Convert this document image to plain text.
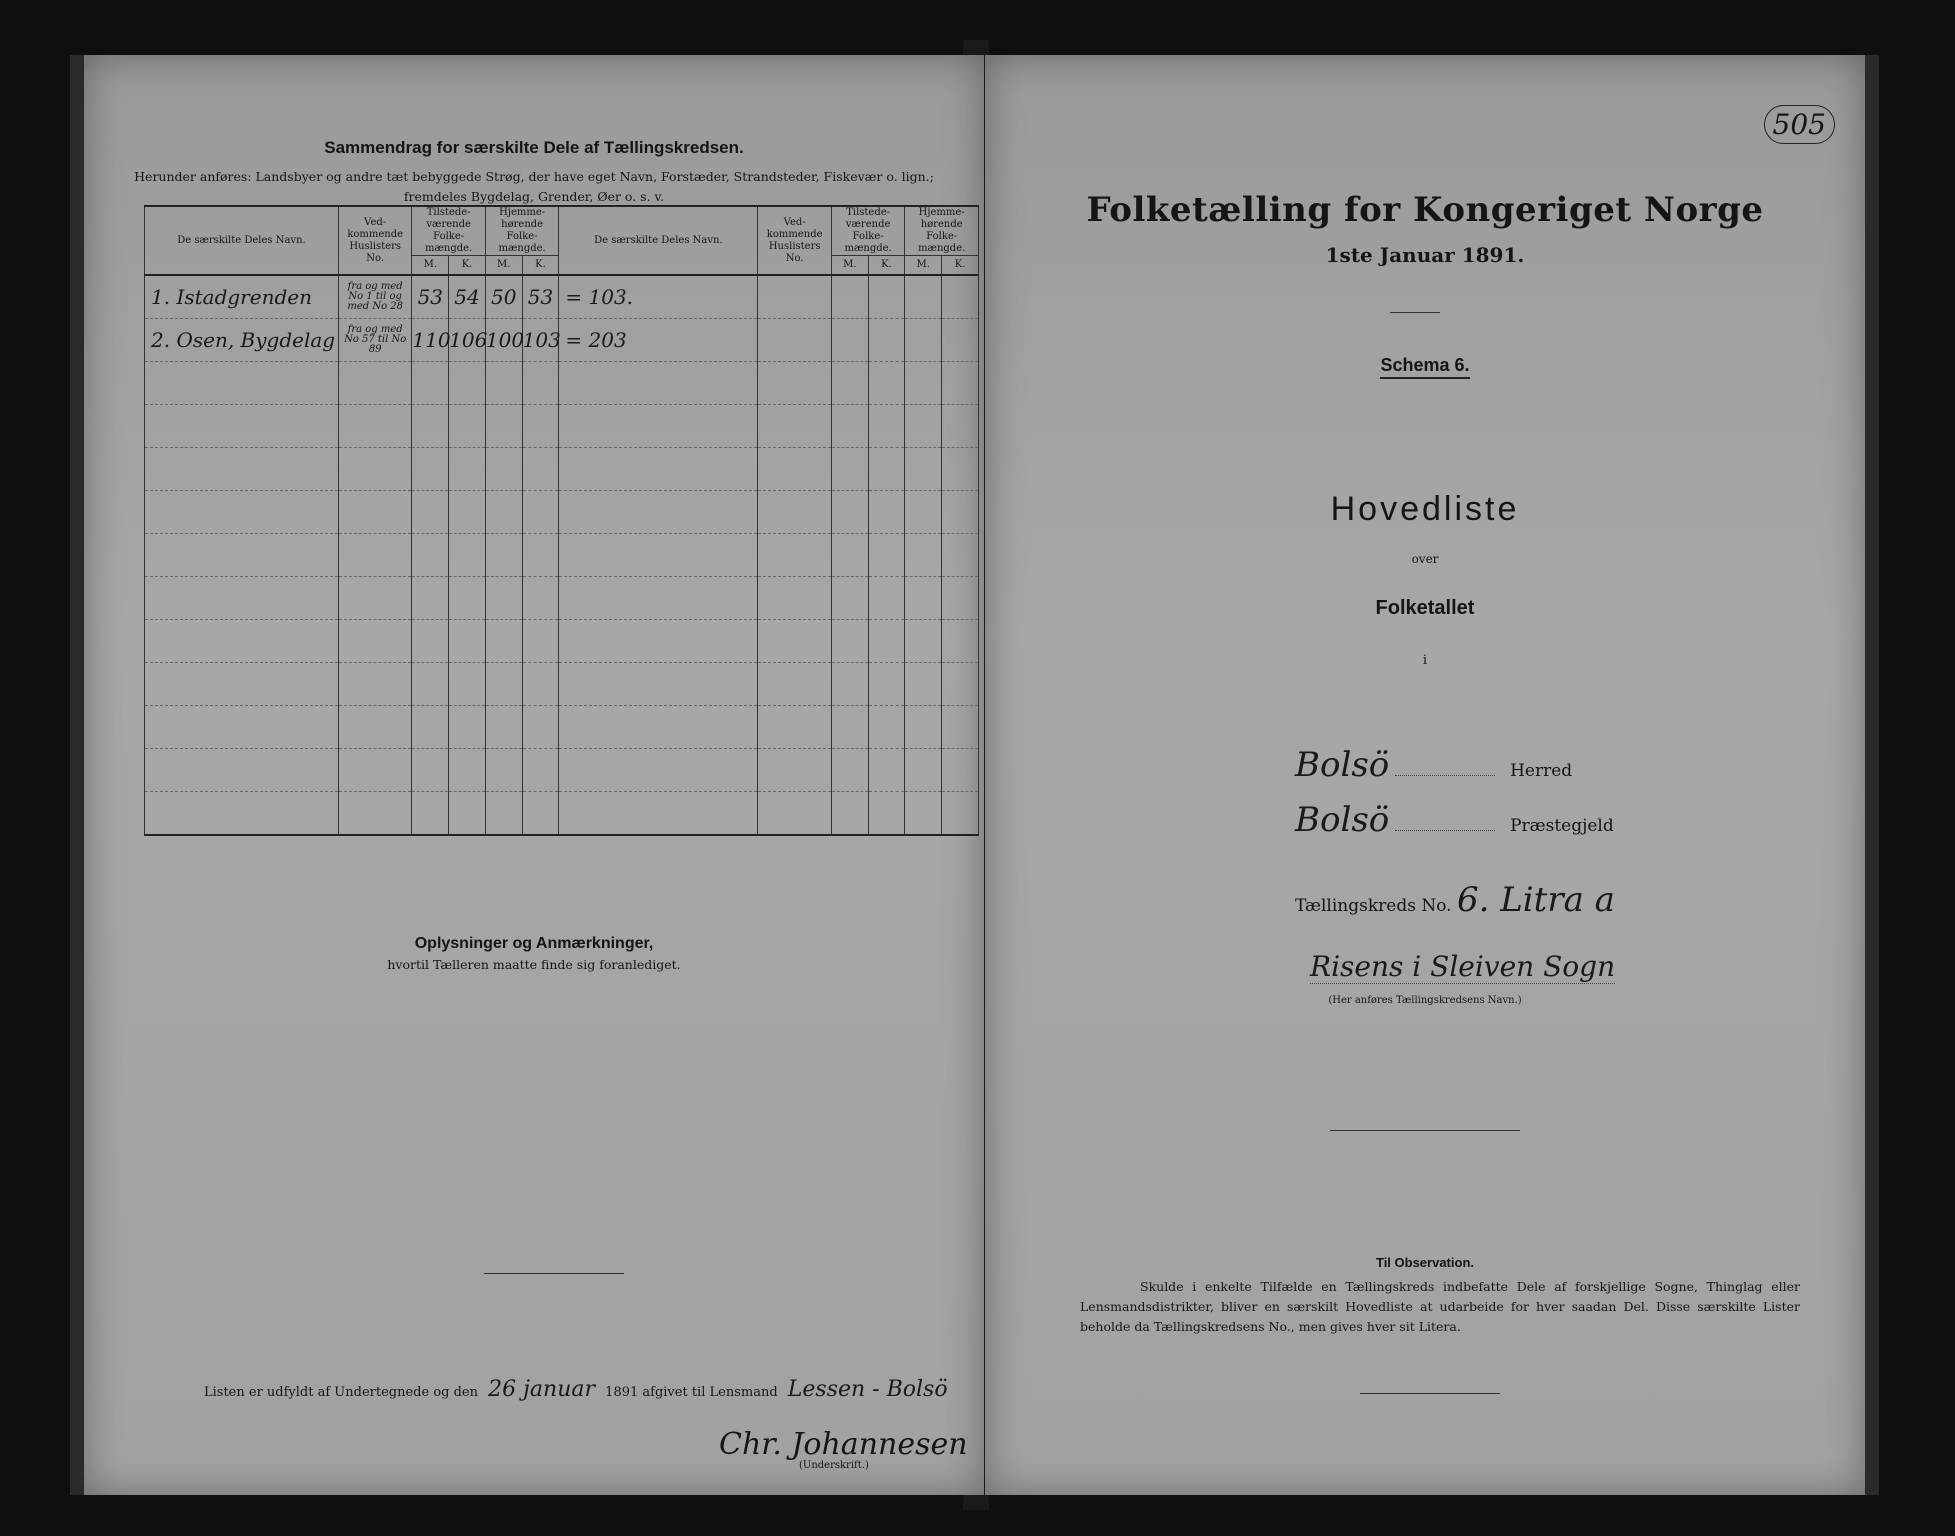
Sammendrag for særskilte Dele af Tællingskredsen.
Herunder anføres: Landsbyer og andre tæt bebyggede Strøg, der have eget Navn, Forstæder, Strandsteder, Fiskevær o. lign.;
fremdeles Bygdelag, Grender, Øer o. s. v.
De særskilte Deles Navn.	Ved-kommende Huslisters No.	Tilstede-værende Folke-mængde.		Hjemme-hørende Folke-mængde.		De særskilte Deles Navn.	Ved-kommende Huslisters No.	Tilstede-værende Folke-mængde.		Hjemme-hørende Folke-mængde.	
		M.	K.	M.	K.			M.	K.	M.	K.
1. Istadgrenden	fra og med No 1 til og med No 28	53	54	50	53	= 103.					
2. Osen, Bygdelag	fra og med No 57 til No 89	110	106	100	103	= 203					

Oplysninger og Anmærkninger,
hvortil Tælleren maatte finde sig foranlediget.
Listen er udfyldt af Undertegnede og den 26 januar 1891 afgivet til Lensmand Lessen - Bolsö
Chr. Johannesen
(Underskrift.)
505
Folketælling for Kongeriget Norge
1ste Januar 1891.
Schema 6.
Hovedliste
over
Folketallet
i
Bolsö	Herred
Bolsö	Præstegjeld
Tællingskreds No. 6. Litra a
Risens i Sleiven Sogn
(Her anføres Tællingskredsens Navn.)
Til Observation.
Skulde i enkelte Tilfælde en Tællingskreds indbefatte Dele af forskjellige Sogne, Thinglag eller Lensmandsdistrikter, bliver en særskilt Hovedliste at udarbeide for hver saadan Del. Disse særskilte Lister beholde da Tællingskredsens No., men gives hver sit Litera.
